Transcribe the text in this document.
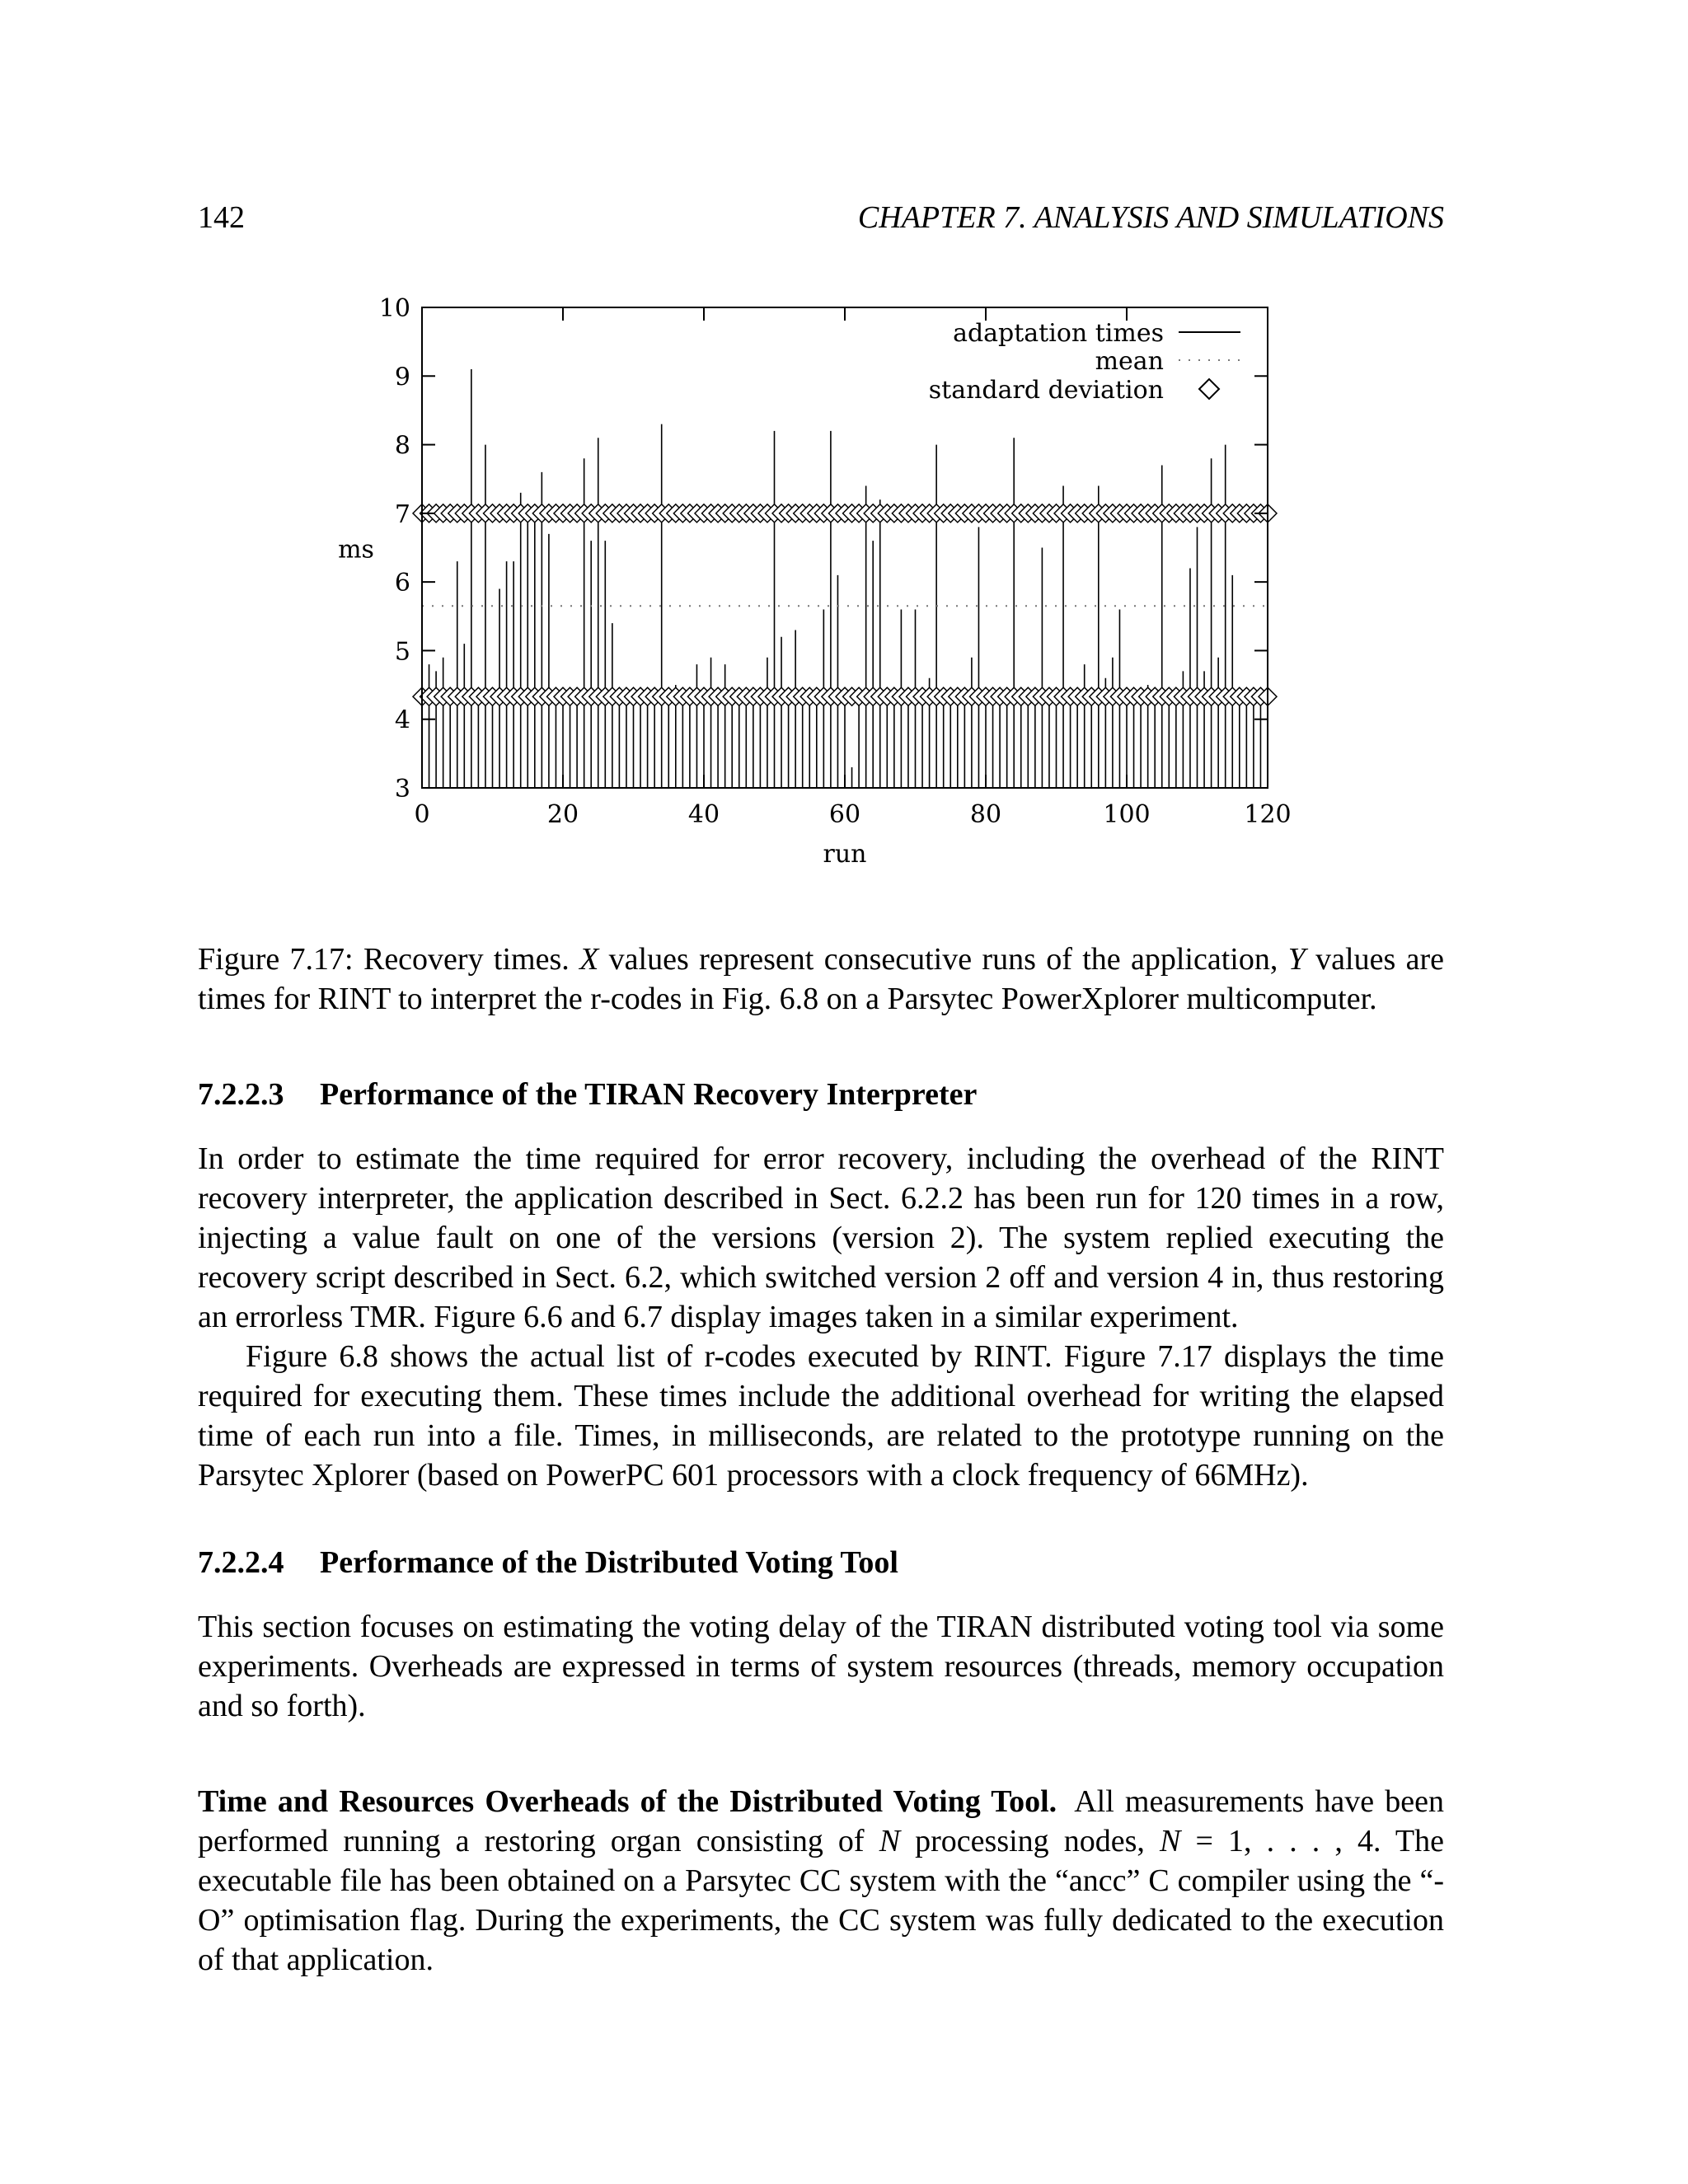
142	CHAPTER 7. ANALYSIS AND SIMULATIONS
3
4
5
6
7
8
9
10
0	20	40	60	80	100	120
run
ms
adaptation times
mean
standard deviation

Figure 7.17: Recovery times. X values represent consecutive runs of the application, Y values are times for RINT to interpret the r-codes in Fig. 6.8 on a Parsytec PowerXplorer multicomputer.

7.2.2.3 Performance of the TIRAN Recovery Interpreter

In order to estimate the time required for error recovery, including the overhead of the RINT recovery interpreter, the application described in Sect. 6.2.2 has been run for 120 times in a row, injecting a value fault on one of the versions (version 2). The system replied executing the recovery script described in Sect. 6.2, which switched version 2 off and version 4 in, thus restoring an errorless TMR. Figure 6.6 and 6.7 display images taken in a similar experiment.

Figure 6.8 shows the actual list of r-codes executed by RINT. Figure 7.17 displays the time required for executing them. These times include the additional overhead for writing the elapsed time of each run into a file. Times, in milliseconds, are related to the prototype running on the Parsytec Xplorer (based on PowerPC 601 processors with a clock frequency of 66MHz).

7.2.2.4 Performance of the Distributed Voting Tool

This section focuses on estimating the voting delay of the TIRAN distributed voting tool via some experiments. Overheads are expressed in terms of system resources (threads, memory occupation and so forth).

Time and Resources Overheads of the Distributed Voting Tool. All measurements have been performed running a restoring organ consisting of N processing nodes, N = 1, . . . , 4. The executable file has been obtained on a Parsytec CC system with the “ancc” C compiler using the “-O” optimisation flag. During the experiments, the CC system was fully dedicated to the execution of that application.
